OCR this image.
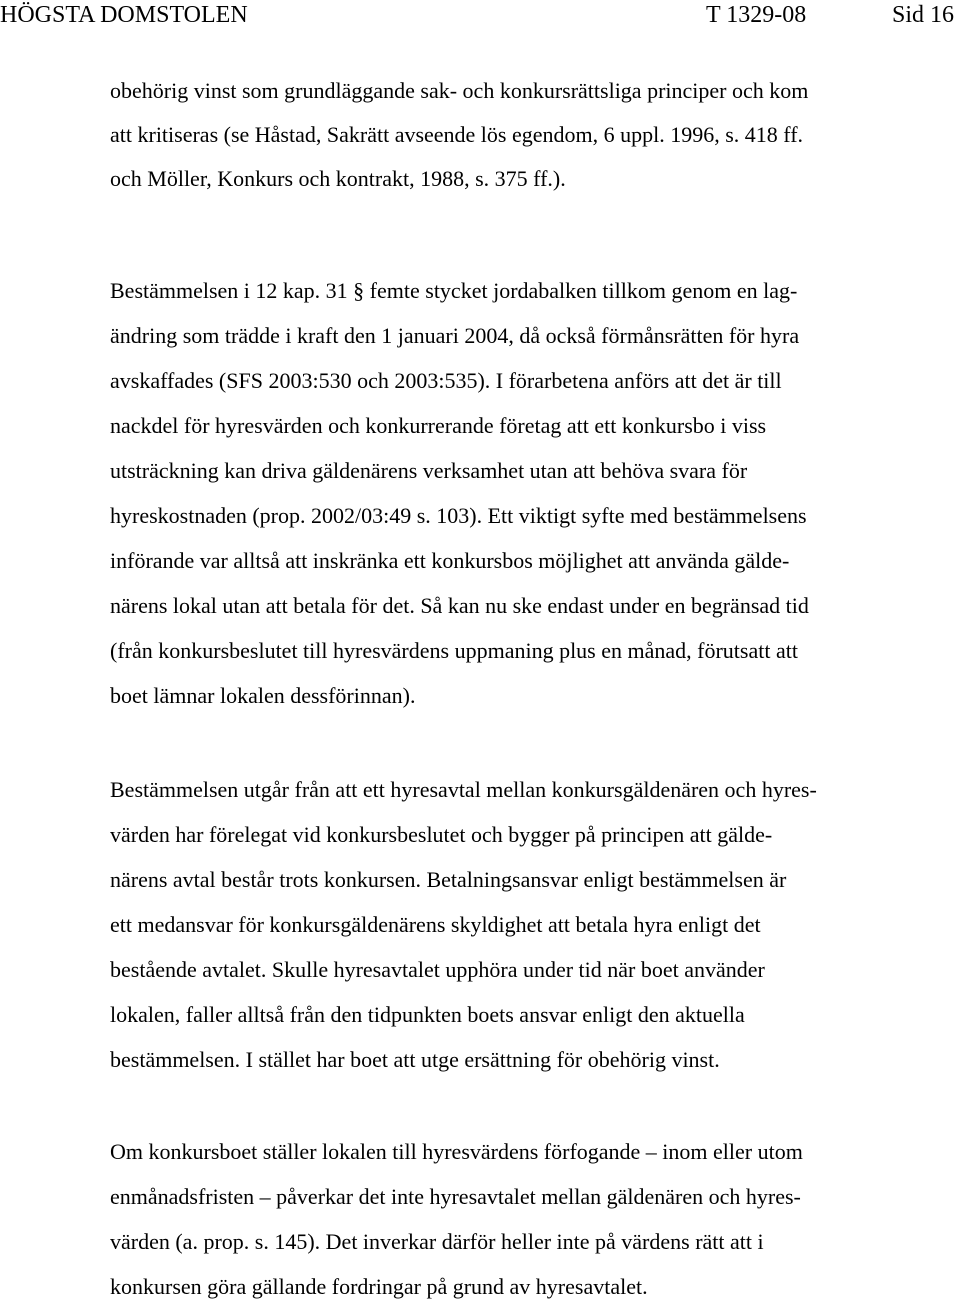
HÖGSTA DOMSTOLEN	T 1329-08	Sid 16
obehörig vinst som grundläggande sak- och konkursrättsliga principer och kom
att kritiseras (se Håstad, Sakrätt avseende lös egendom, 6 uppl. 1996, s. 418 ff.
och Möller, Konkurs och kontrakt, 1988, s. 375 ff.).
Bestämmelsen i 12 kap. 31 § femte stycket jordabalken tillkom genom en lag-
ändring som trädde i kraft den 1 januari 2004, då också förmånsrätten för hyra
avskaffades (SFS 2003:530 och 2003:535). I förarbetena anförs att det är till
nackdel för hyresvärden och konkurrerande företag att ett konkursbo i viss
utsträckning kan driva gäldenärens verksamhet utan att behöva svara för
hyreskostnaden (prop. 2002/03:49 s. 103). Ett viktigt syfte med bestämmelsens
införande var alltså att inskränka ett konkursbos möjlighet att använda gälde-
närens lokal utan att betala för det. Så kan nu ske endast under en begränsad tid
(från konkursbeslutet till hyresvärdens uppmaning plus en månad, förutsatt att
boet lämnar lokalen dessförinnan).
Bestämmelsen utgår från att ett hyresavtal mellan konkursgäldenären och hyres-
värden har förelegat vid konkursbeslutet och bygger på principen att gälde-
närens avtal består trots konkursen. Betalningsansvar enligt bestämmelsen är
ett medansvar för konkursgäldenärens skyldighet att betala hyra enligt det
bestående avtalet. Skulle hyresavtalet upphöra under tid när boet använder
lokalen, faller alltså från den tidpunkten boets ansvar enligt den aktuella
bestämmelsen. I stället har boet att utge ersättning för obehörig vinst.
Om konkursboet ställer lokalen till hyresvärdens förfogande – inom eller utom
enmånadsfristen – påverkar det inte hyresavtalet mellan gäldenären och hyres-
värden (a. prop. s. 145). Det inverkar därför heller inte på värdens rätt att i
konkursen göra gällande fordringar på grund av hyresavtalet.
